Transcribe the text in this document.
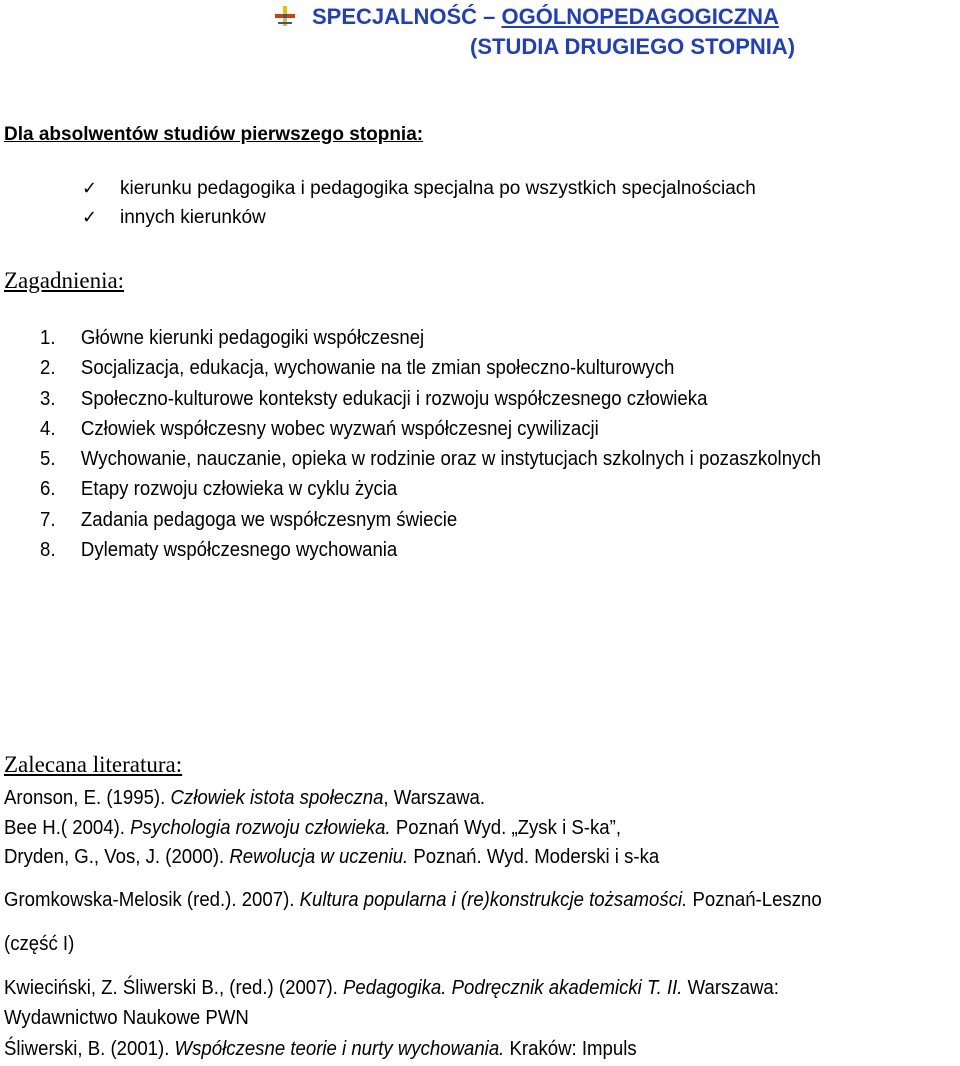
SPECJALNOŚĆ – OGÓLNOPEDAGOGICZNA
(STUDIA DRUGIEGO STOPNIA)
Dla absolwentów studiów pierwszego stopnia:
✓ kierunku pedagogika i pedagogika specjalna po wszystkich specjalnościach
✓ innych kierunków
Zagadnienia:
1. Główne kierunki pedagogiki współczesnej
2. Socjalizacja, edukacja, wychowanie na tle zmian społeczno-kulturowych
3. Społeczno-kulturowe konteksty edukacji i rozwoju współczesnego człowieka
4. Człowiek współczesny wobec wyzwań współczesnej cywilizacji
5. Wychowanie, nauczanie, opieka w rodzinie oraz w instytucjach szkolnych i pozaszkolnych
6. Etapy rozwoju człowieka w cyklu życia
7. Zadania pedagoga we współczesnym świecie
8. Dylematy współczesnego wychowania
Zalecana literatura:
Aronson, E. (1995). Człowiek istota społeczna, Warszawa.
Bee H.( 2004). Psychologia rozwoju człowieka. Poznań Wyd. „Zysk i S-ka”,
Dryden, G., Vos, J. (2000). Rewolucja w uczeniu. Poznań. Wyd. Moderski i s-ka
Gromkowska-Melosik (red.). 2007). Kultura popularna i (re)konstrukcje tożsamości. Poznań-Leszno
(część I)
Kwieciński, Z. Śliwerski B., (red.) (2007). Pedagogika. Podręcznik akademicki T. II. Warszawa:
Wydawnictwo Naukowe PWN
Śliwerski, B. (2001). Współczesne teorie i nurty wychowania. Kraków: Impuls
